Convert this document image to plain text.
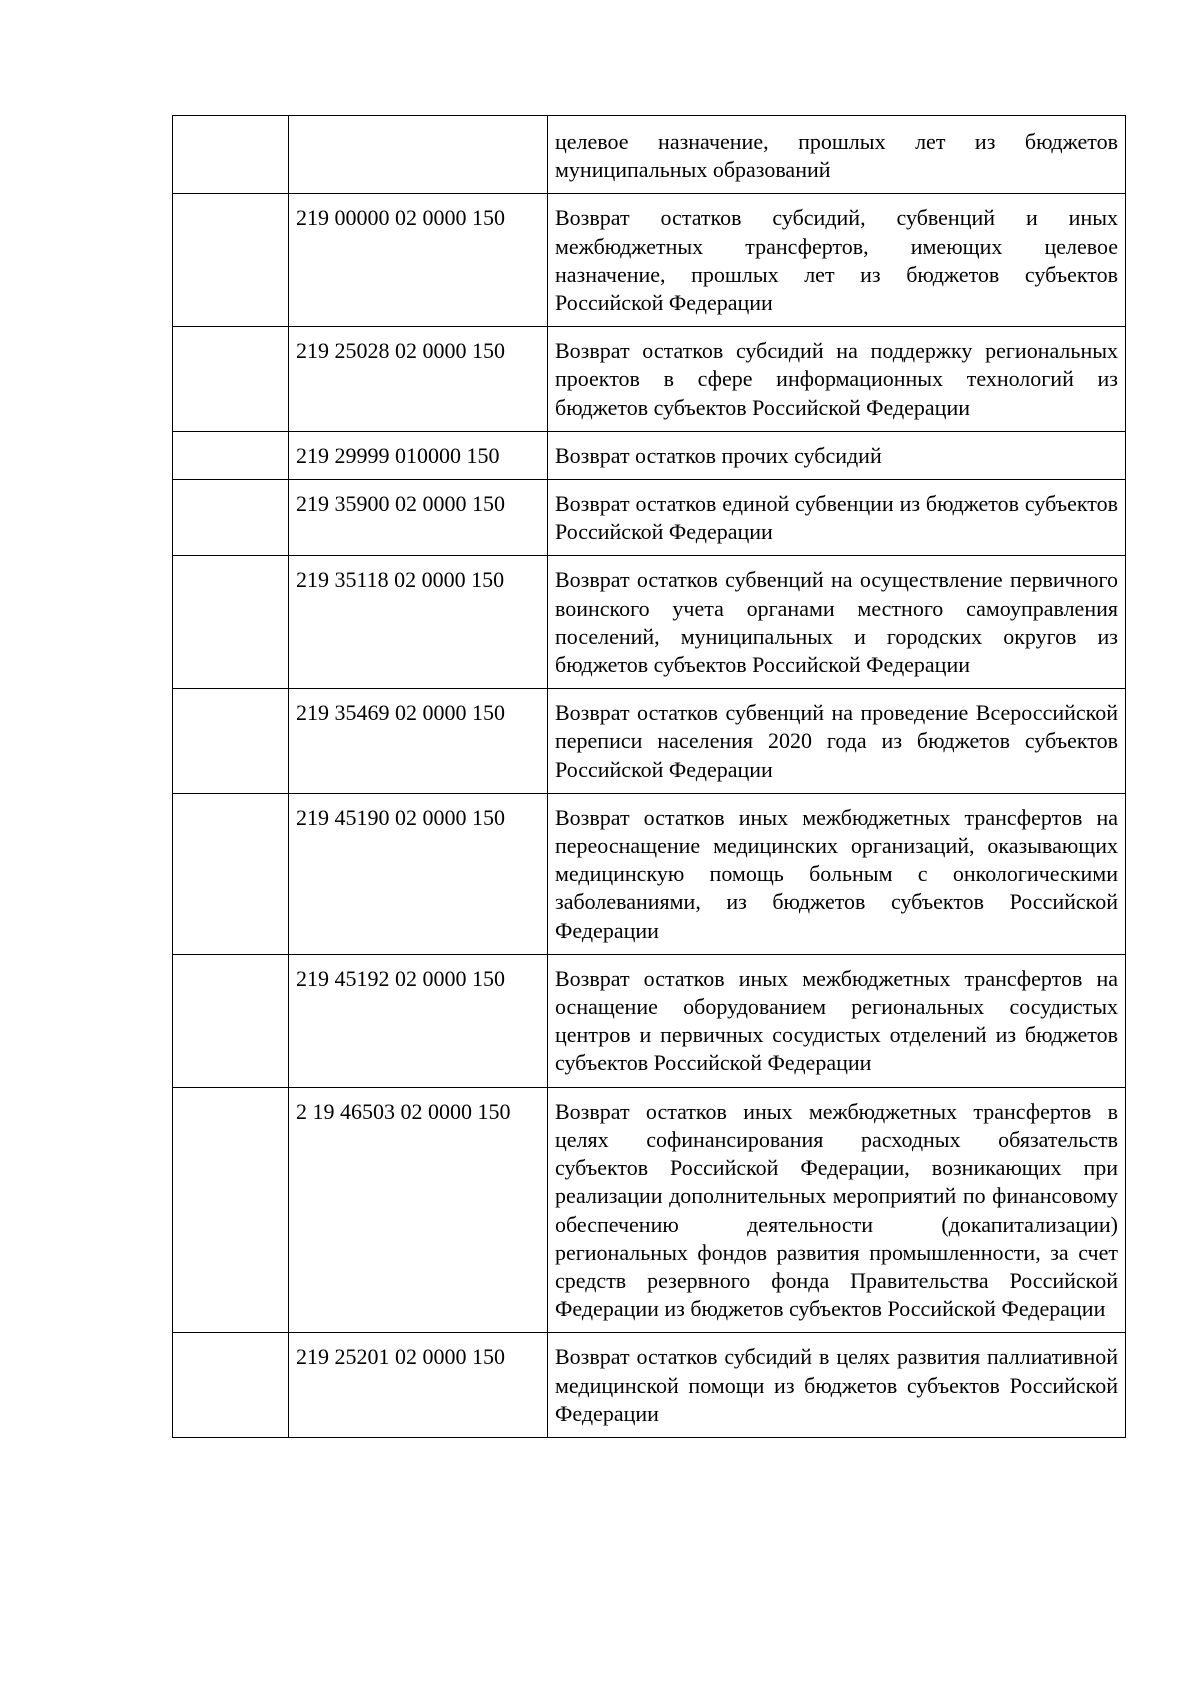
		целевое назначение, прошлых лет из бюджетов муниципальных образований
	219 00000 02 0000 150	Возврат остатков субсидий, субвенций и иных межбюджетных трансфертов, имеющих целевое назначение, прошлых лет из бюджетов субъектов Российской Федерации
	219 25028 02 0000 150	Возврат остатков субсидий на поддержку региональных проектов в сфере информационных технологий из бюджетов субъектов Российской Федерации
	219 29999 010000 150	Возврат остатков прочих субсидий
	219 35900 02 0000 150	Возврат остатков единой субвенции из бюджетов субъектов Российской Федерации
	219 35118 02 0000 150	Возврат остатков субвенций на осуществление первичного воинского учета органами местного самоуправления поселений, муниципальных и городских округов из бюджетов субъектов Российской Федерации
	219 35469 02 0000 150	Возврат остатков субвенций на проведение Всероссийской переписи населения 2020 года из бюджетов субъектов Российской Федерации
	219 45190 02 0000 150	Возврат остатков иных межбюджетных трансфертов на переоснащение медицинских организаций, оказывающих медицинскую помощь больным с онкологическими заболеваниями, из бюджетов субъектов Российской Федерации
	219 45192 02 0000 150	Возврат остатков иных межбюджетных трансфертов на оснащение оборудованием региональных сосудистых центров и первичных сосудистых отделений из бюджетов субъектов Российской Федерации
	2 19 46503 02 0000 150	Возврат остатков иных межбюджетных трансфертов в целях софинансирования расходных обязательств субъектов Российской Федерации, возникающих при реализации дополнительных мероприятий по финансовому обеспечению деятельности (докапитализации) региональных фондов развития промышленности, за счет средств резервного фонда Правительства Российской Федерации из бюджетов субъектов Российской Федерации
	219 25201 02 0000 150	Возврат остатков субсидий в целях развития паллиативной медицинской помощи из бюджетов субъектов Российской Федерации
